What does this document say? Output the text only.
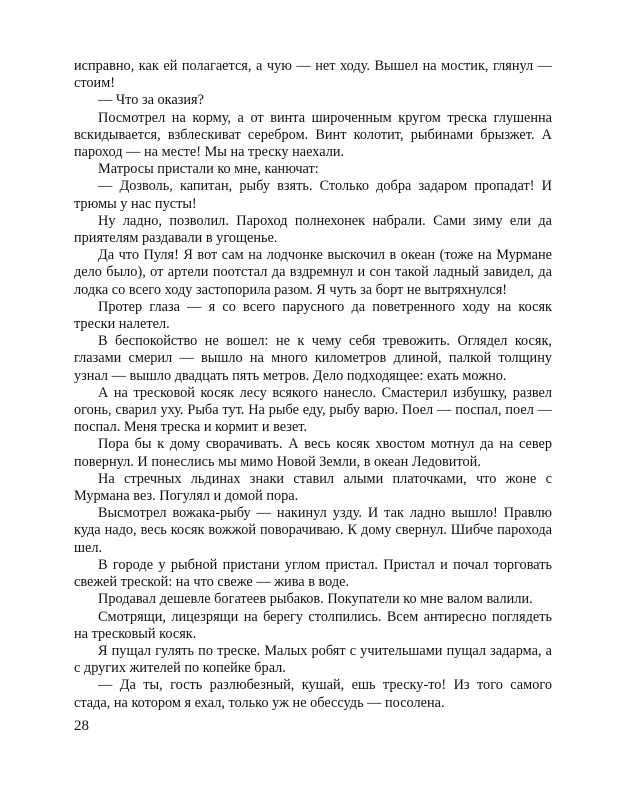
исправно, как ей полагается, а чую — нет ходу. Вышел на мостик, глянул — стоим!

— Что за оказия?

Посмотрел на корму, а от винта широченным кругом треска глушенна вскидывается, взблескиват серебром. Винт колотит, рыбинами брызжет. А пароход — на месте! Мы на треску наехали.

Матросы пристали ко мне, канючат:

— Дозволь, капитан, рыбу взять. Столько добра задаром пропадат! И трюмы у нас пусты!

Ну ладно, позволил. Пароход полнехонек набрали. Сами зиму ели да приятелям раздавали в угощенье.

Да что Пуля! Я вот сам на лодчонке выскочил в океан (тоже на Мурмане дело было), от артели поотстал да вздремнул и сон такой ладный завидел, да лодка со всего ходу застопорила разом. Я чуть за борт не вытряхнулся!

Протер глаза — я со всего парусного да поветренного ходу на косяк трески налетел.

В беспокойство не вошел: не к чему себя тревожить. Оглядел косяк, глазами смерил — вышло на много километров длиной, палкой толщину узнал — вышло двадцать пять метров. Дело подходящее: ехать можно.

А на тресковой косяк лесу всякого нанесло. Смастерил избушку, развел огонь, сварил уху. Рыба тут. На рыбе еду, рыбу варю. Поел — поспал, поел — поспал. Меня треска и кормит и везет.

Пора бы к дому сворачивать. А весь косяк хвостом мотнул да на север повернул. И понеслись мы мимо Новой Земли, в океан Ледовитой.

На стречных льдинах знаки ставил алыми платочками, что жоне с Мурмана вез. Погулял и домой пора.

Высмотрел вожака-рыбу — накинул узду. И так ладно вышло! Правлю куда надо, весь косяк вожжой поворачиваю. К дому свернул. Шибче парохода шел.

В городе у рыбной пристани углом пристал. Пристал и почал торговать свежей треской: на что свеже — жива в воде.

Продавал дешевле богатеев рыбаков. Покупатели ко мне валом валили.

Смотрящи, лицезрящи на берегу столпились. Всем антиресно поглядеть на тресковый косяк.

Я пущал гулять по треске. Малых робят с учительшами пущал задарма, а с других жителей по копейке брал.

— Да ты, гость разлюбезный, кушай, ешь треску-то! Из того самого стада, на котором я ехал, только уж не обессудь — посолена.

28
